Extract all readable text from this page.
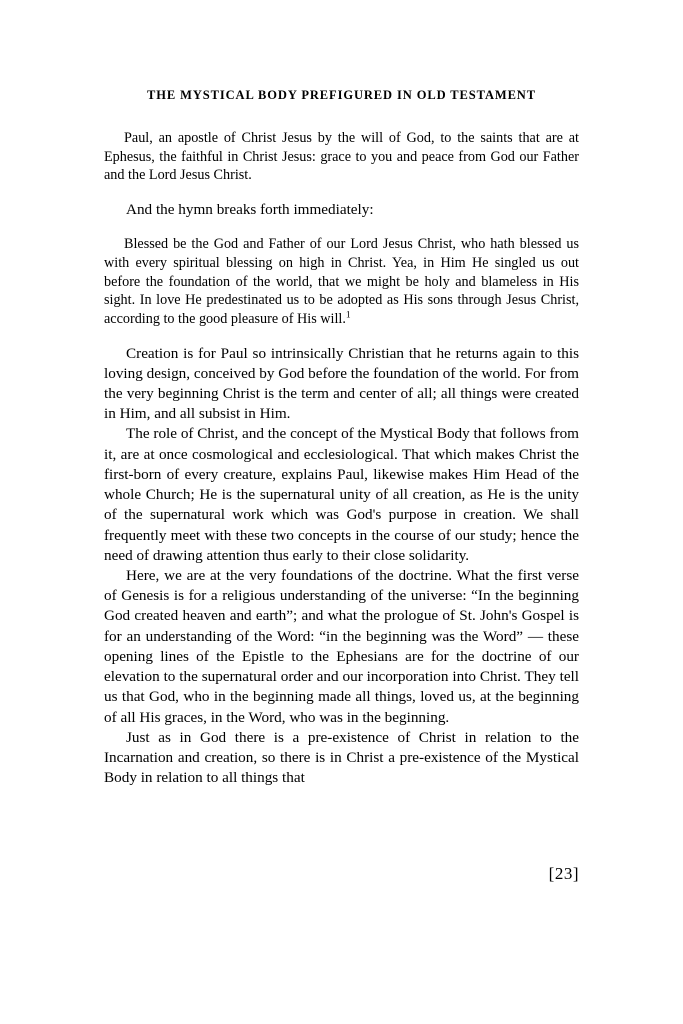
THE MYSTICAL BODY PREFIGURED IN OLD TESTAMENT

Paul, an apostle of Christ Jesus by the will of God, to the saints that are at Ephesus, the faithful in Christ Jesus: grace to you and peace from God our Father and the Lord Jesus Christ.

And the hymn breaks forth immediately:

Blessed be the God and Father of our Lord Jesus Christ, who hath blessed us with every spiritual blessing on high in Christ. Yea, in Him He singled us out before the foundation of the world, that we might be holy and blameless in His sight. In love He predestinated us to be adopted as His sons through Jesus Christ, according to the good pleasure of His will.$^1$

Creation is for Paul so intrinsically Christian that he returns again to this loving design, conceived by God before the foundation of the world. For from the very beginning Christ is the term and center of all; all things were created in Him, and all subsist in Him.

The role of Christ, and the concept of the Mystical Body that follows from it, are at once cosmological and ecclesiological. That which makes Christ the first-born of every creature, explains Paul, likewise makes Him Head of the whole Church; He is the supernatural unity of all creation, as He is the unity of the supernatural work which was God's purpose in creation. We shall frequently meet with these two concepts in the course of our study; hence the need of drawing attention thus early to their close solidarity.

Here, we are at the very foundations of the doctrine. What the first verse of Genesis is for a religious understanding of the universe: “In the beginning God created heaven and earth”; and what the prologue of St. John's Gospel is for an understanding of the Word: “in the beginning was the Word” — these opening lines of the Epistle to the Ephesians are for the doctrine of our elevation to the supernatural order and our incorporation into Christ. They tell us that God, who in the beginning made all things, loved us, at the beginning of all His graces, in the Word, who was in the beginning.

Just as in God there is a pre-existence of Christ in relation to the Incarnation and creation, so there is in Christ a pre-existence of the Mystical Body in relation to all things that

[23]
